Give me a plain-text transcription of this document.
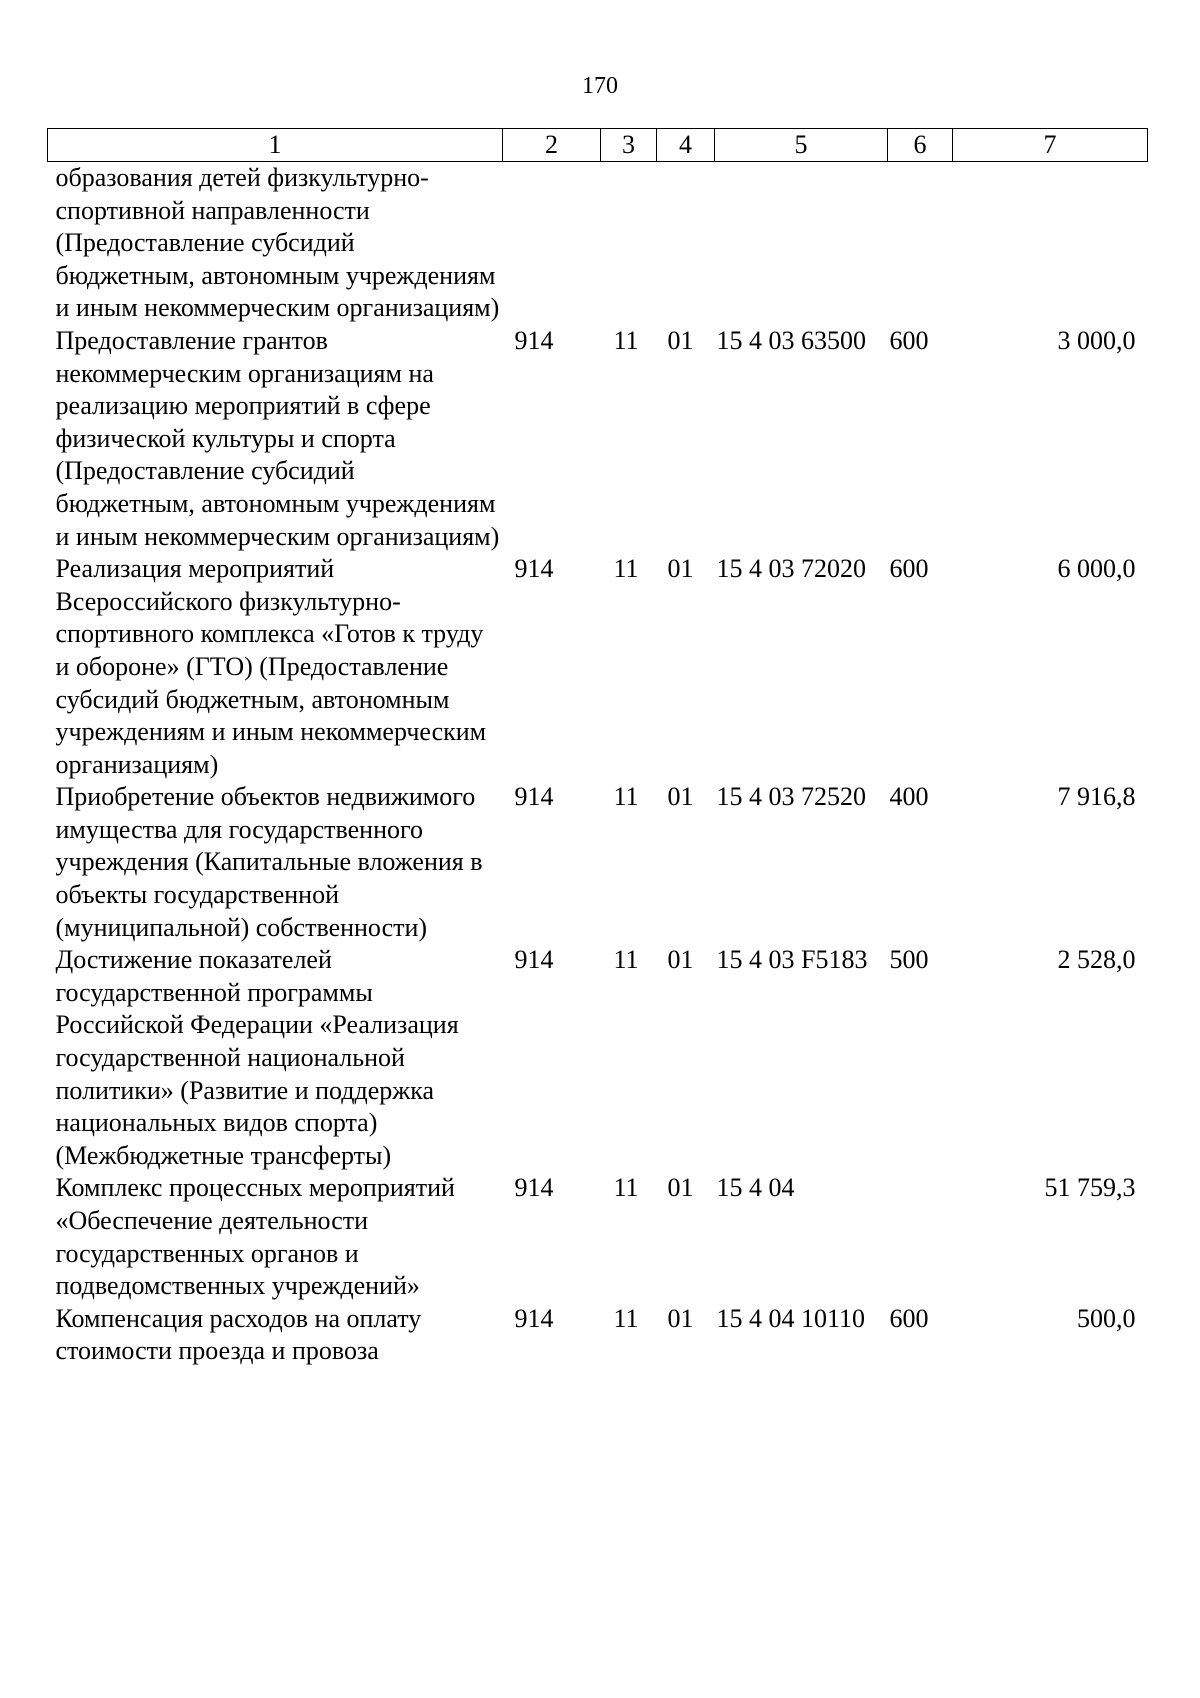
170
1	2	3	4	5	6	7
образования детей физкультурно-спортивной направленности (Предоставление субсидий бюджетным, автономным учреждениям и иным некоммерческим организациям)						
Предоставление грантов некоммерческим организациям на реализацию мероприятий в сфере физической культуры и спорта (Предоставление субсидий бюджетным, автономным учреждениям и иным некоммерческим организациям)	914	11	01	15 4 03 63500	600	3 000,0
Реализация мероприятий Всероссийского физкультурно-спортивного комплекса «Готов к труду и обороне» (ГТО) (Предоставление субсидий бюджетным, автономным учреждениям и иным некоммерческим организациям)	914	11	01	15 4 03 72020	600	6 000,0
Приобретение объектов недвижимого имущества для государственного учреждения (Капитальные вложения в объекты государственной (муниципальной) собственности)	914	11	01	15 4 03 72520	400	7 916,8
Достижение показателей государственной программы Российской Федерации «Реализация государственной национальной политики» (Развитие и поддержка национальных видов спорта) (Межбюджетные трансферты)	914	11	01	15 4 03 F5183	500	2 528,0
Комплекс процессных мероприятий «Обеспечение деятельности государственных органов и подведомственных учреждений»	914	11	01	15 4 04		51 759,3
Компенсация расходов на оплату стоимости проезда и провоза	914	11	01	15 4 04 10110	600	500,0
